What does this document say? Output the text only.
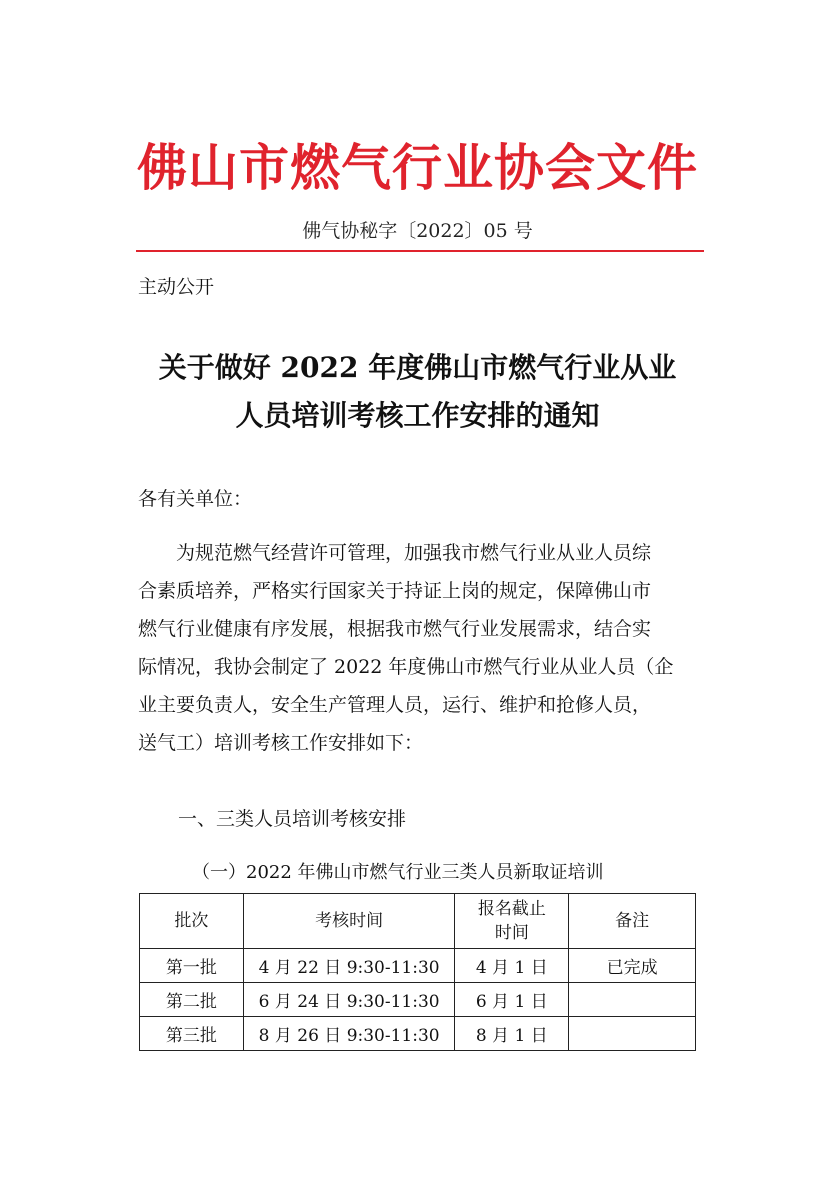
佛山市燃气行业协会文件
佛气协秘字〔2022〕05 号
主动公开
关于做好 2022 年度佛山市燃气行业从业
人员培训考核工作安排的通知
各有关单位：
　　为规范燃气经营许可管理，加强我市燃气行业从业人员综
合素质培养，严格实行国家关于持证上岗的规定，保障佛山市
燃气行业健康有序发展，根据我市燃气行业发展需求，结合实
际情况，我协会制定了 2022 年度佛山市燃气行业从业人员（企
业主要负责人，安全生产管理人员，运行、维护和抢修人员，
送气工）培训考核工作安排如下：
一、三类人员培训考核安排
（一）2022 年佛山市燃气行业三类人员新取证培训
批次	考核时间	报名截止
时间	备注
第一批	4 月 22 日 9:30-11:30	4 月 1 日	已完成
第二批	6 月 24 日 9:30-11:30	6 月 1 日	
第三批	8 月 26 日 9:30-11:30	8 月 1 日	
